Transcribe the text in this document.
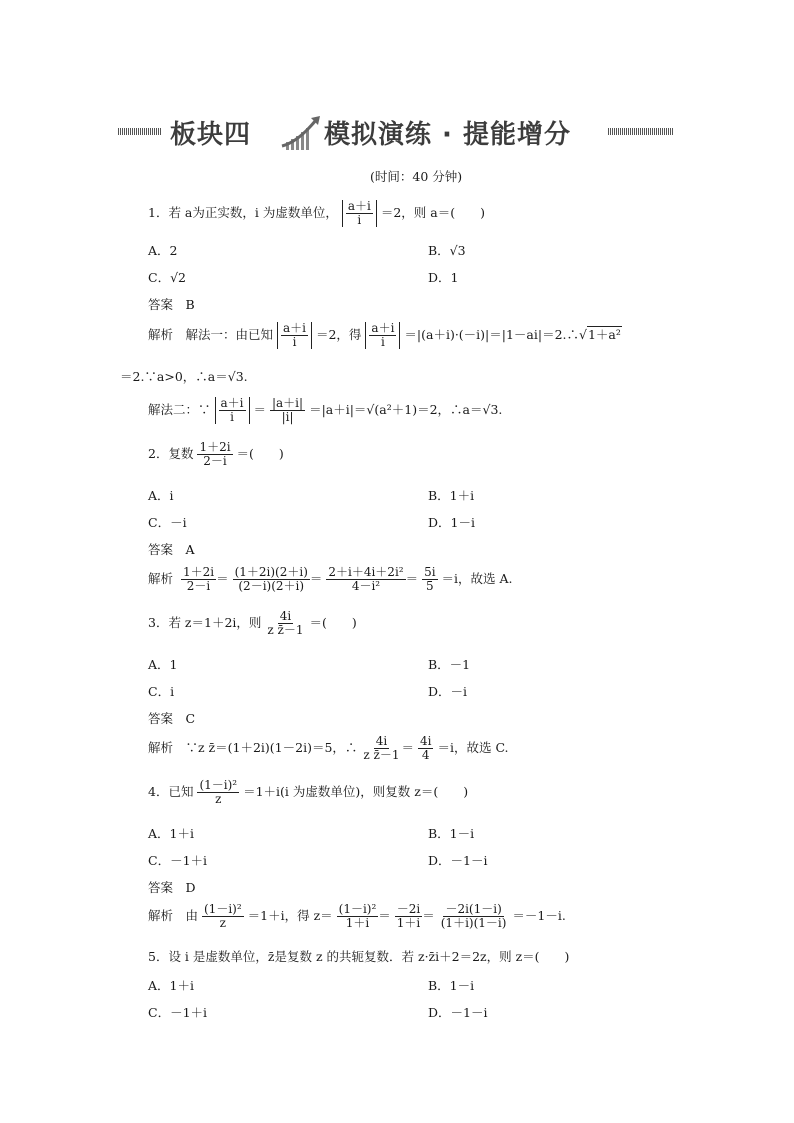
板块四	模拟演练 · 提能增分
(时间：40 分钟)
1．若 a为正实数，i 为虚数单位， $\frac{a+i}{i} =2$，则 a＝(　　)
A．2	B．√3
C．√2	D．1
答案　B
解析　解法一：由已知 $\frac{a+i}{i} =2$，得 $\frac{a+i}{i}$ ＝|(a＋i)·(－i)|＝|1－ai|＝2.∴√1＋a²
＝2.∵a>0，∴a＝√3.
解法二：∵ $\frac{a+i}{i} = \frac{|a+i|}{|i|} =|a+i|=√(a^2+1)=2$，∴a＝√3.
2．复数 $\frac{1+2i}{2-i}$ ＝(　　)
A．i	B．1＋i
C．－i	D．1－i
答案　A
解析 $\frac{1+2i}{2-i} = \frac{(1+2i)(2+i)}{(2-i)(2+i)} = \frac{\text{2＋i＋4i＋2i²}}{\text{4－i²}} = \frac{5i}{5} =i$，故选 A.
3．若 z＝1＋2i，则 $\frac{4i}{\text{z z̄－1}}$ ＝(　　)
A．1	B．－1
C．i	D．－i
答案　C
解析　∵z z̄＝(1＋2i)(1－2i)＝5，∴ $\frac{4i}{\text{z z̄－1}} = \frac{4i}{4} =i$，故选 C.
4．已知 $\frac{\text{(1－i)²}}{z} =1+i(i$ 为虚数单位)，则复数 z＝(　　)
A．1＋i	B．1－i
C．－1＋i	D．－1－i
答案　D
解析　由 $\frac{\text{(1－i)²}}{z} =1+i$，得 $z= \frac{\text{(1－i)²}}{1+i} = \frac{-2i}{1+i} = \frac{-2i(1-i)}{(1+i)(1-i)} =-1-i$.
5．设 i 是虚数单位，z̄是复数 z 的共轭复数．若 z·z̄i＋2＝2z，则 z＝(　　)
A．1＋i	B．1－i
C．－1＋i	D．－1－i
